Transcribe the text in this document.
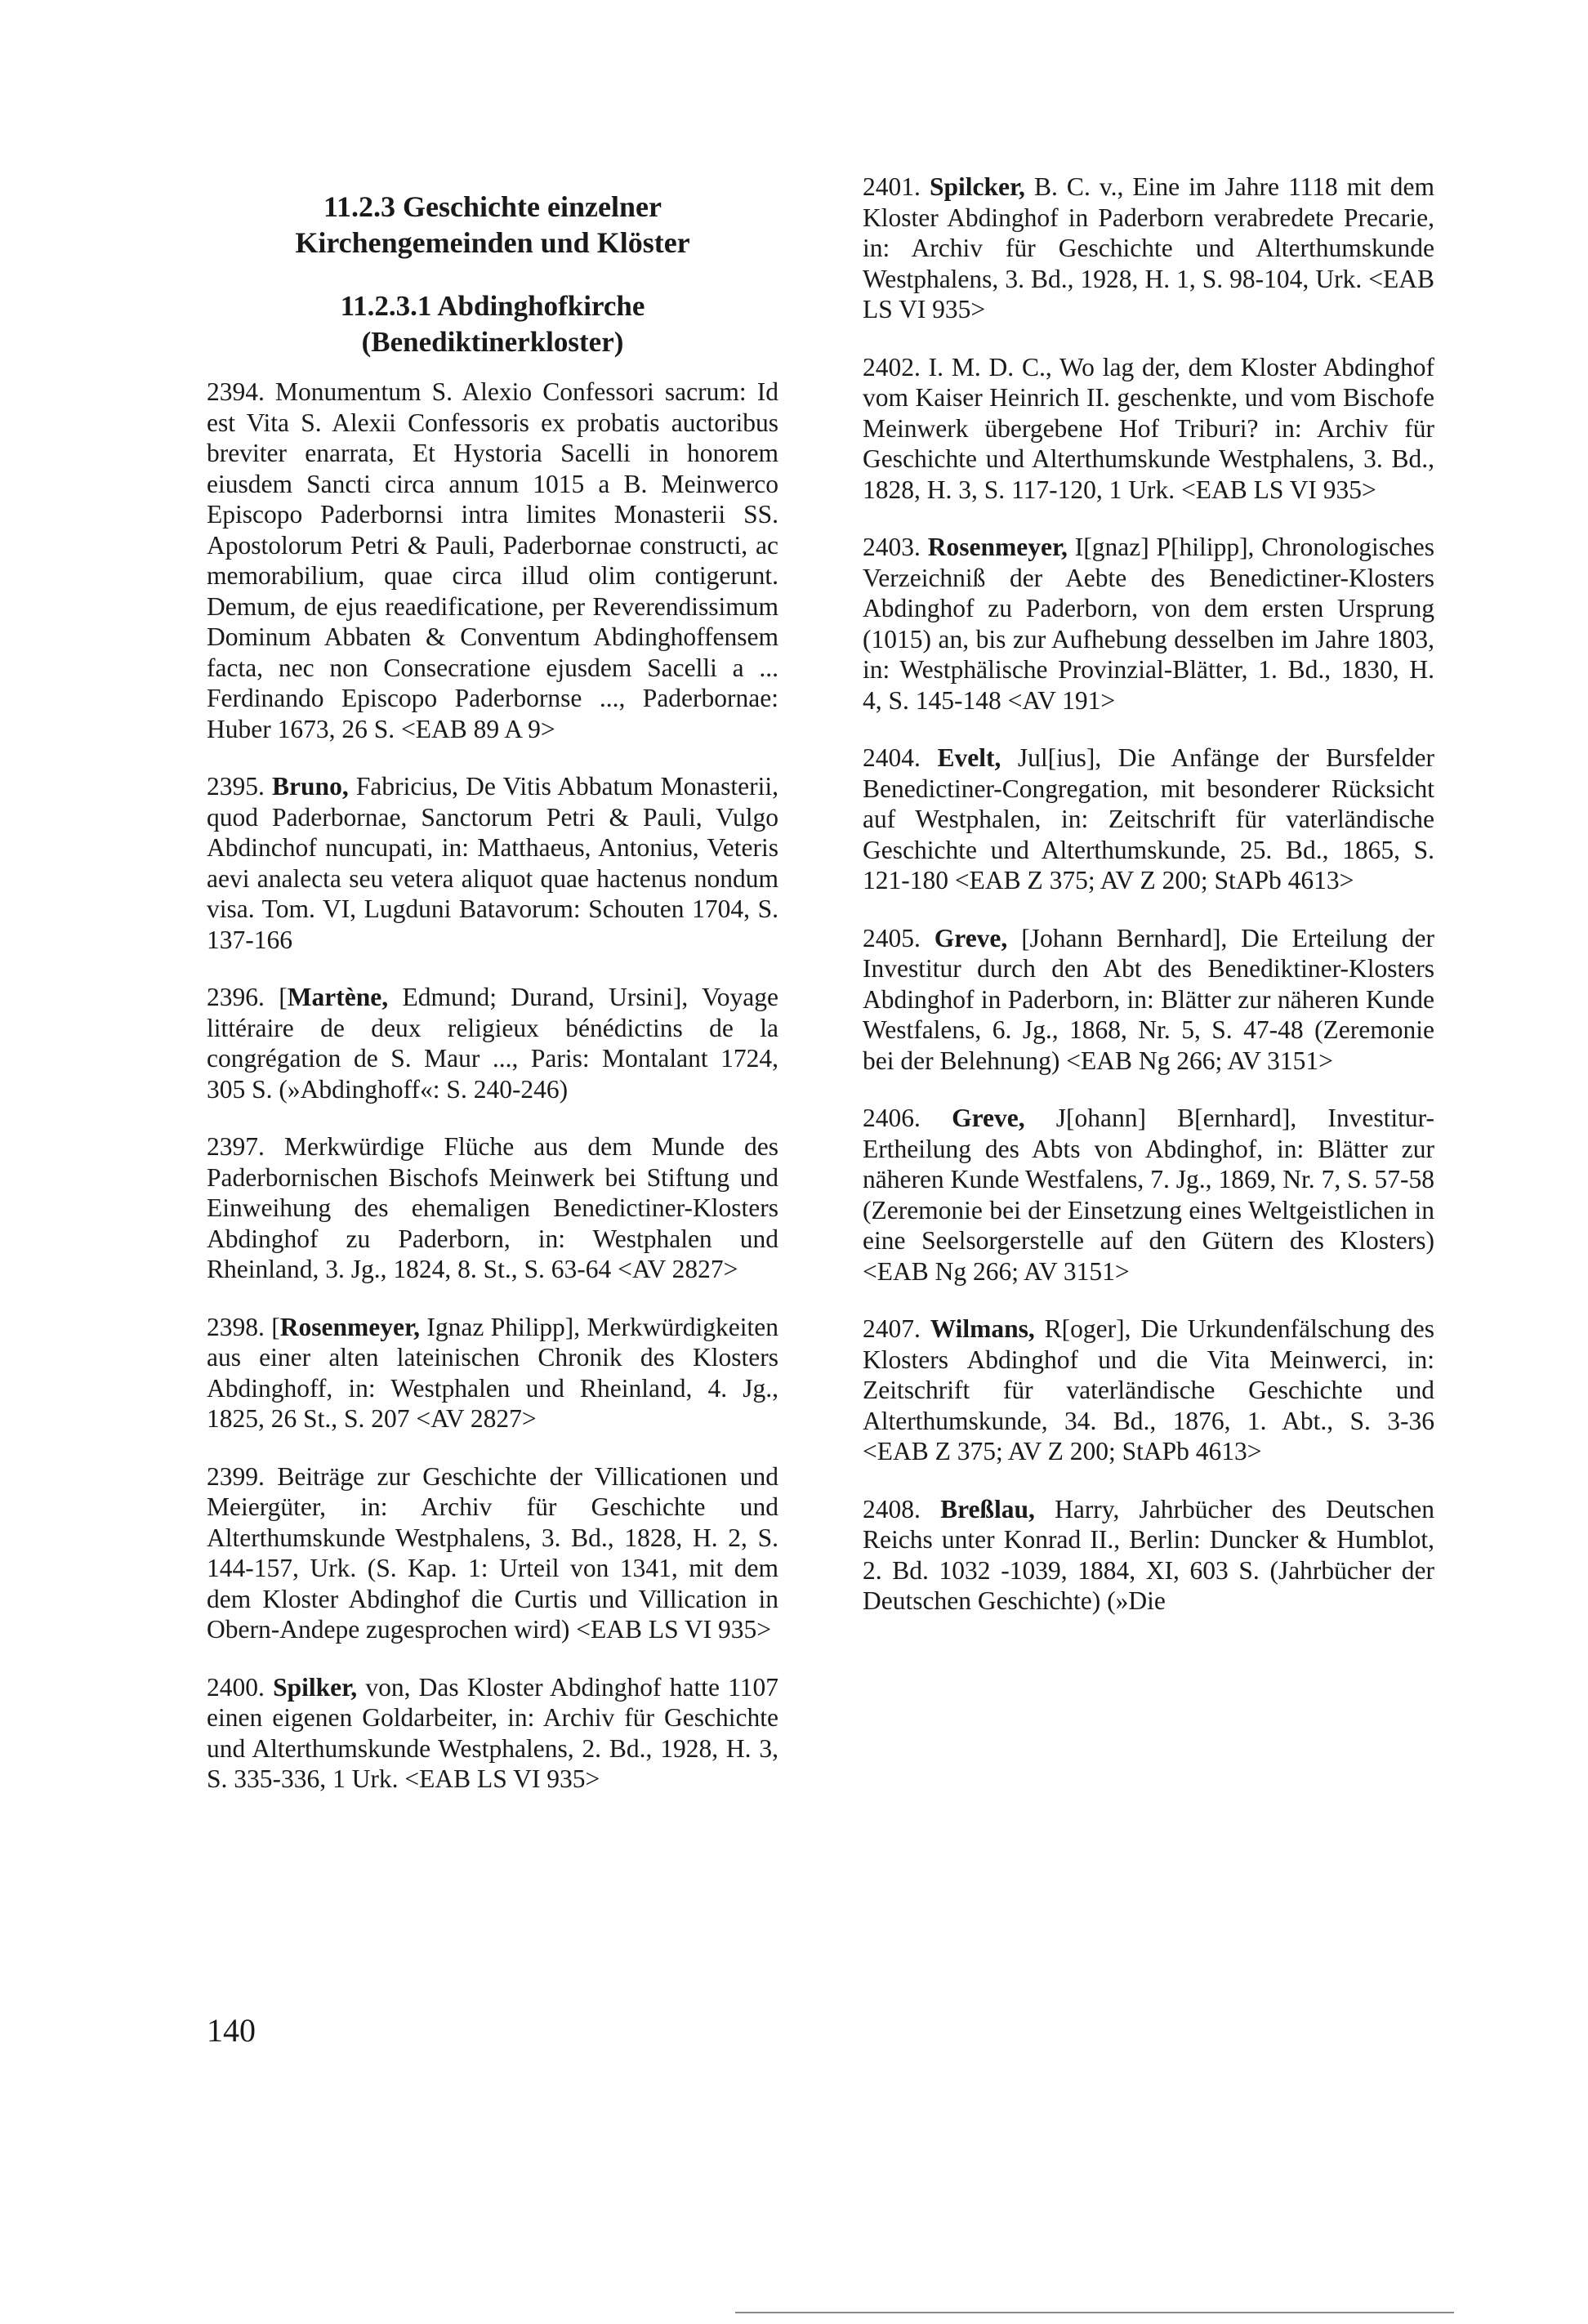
11.2.3 Geschichte einzelner
Kirchengemeinden und Klöster
11.2.3.1 Abdinghofkirche
(Benediktinerkloster)

2394. Monumentum S. Alexio Confessori sacrum: Id est Vita S. Alexii Confessoris ex probatis auctoribus breviter enarrata, Et Hystoria Sacelli in honorem eiusdem Sancti circa annum 1015 a B. Meinwerco Episcopo Paderbornsi intra limites Monasterii SS. Apostolorum Petri & Pauli, Paderbornae constructi, ac memorabilium, quae circa illud olim contigerunt. Demum, de ejus reaedificatione, per Reverendissimum Dominum Abbaten & Conventum Abdinghoffensem facta, nec non Consecratione ejusdem Sacelli a ... Ferdinando Episcopo Paderbornse ..., Paderbornae: Huber 1673, 26 S. <EAB 89 A 9>

2395. Bruno, Fabricius, De Vitis Abbatum Monasterii, quod Paderbornae, Sanctorum Petri & Pauli, Vulgo Abdinchof nuncupati, in: Matthaeus, Antonius, Veteris aevi analecta seu vetera aliquot quae hactenus nondum visa. Tom. VI, Lugduni Batavorum: Schouten 1704, S. 137-166

2396. [Martène, Edmund; Durand, Ursini], Voyage littéraire de deux religieux bénédictins de la congrégation de S. Maur ..., Paris: Montalant 1724, 305 S. (»Abdinghoff«: S. 240-246)

2397. Merkwürdige Flüche aus dem Munde des Paderbornischen Bischofs Meinwerk bei Stiftung und Einweihung des ehemaligen Benedictiner-Klosters Abdinghof zu Paderborn, in: Westphalen und Rheinland, 3. Jg., 1824, 8. St., S. 63-64 <AV 2827>

2398. [Rosenmeyer, Ignaz Philipp], Merkwürdigkeiten aus einer alten lateinischen Chronik des Klosters Abdinghoff, in: Westphalen und Rheinland, 4. Jg., 1825, 26 St., S. 207 <AV 2827>

2399. Beiträge zur Geschichte der Villicationen und Meiergüter, in: Archiv für Geschichte und Alterthumskunde Westphalens, 3. Bd., 1828, H. 2, S. 144-157, Urk. (S. Kap. 1: Urteil von 1341, mit dem dem Kloster Abdinghof die Curtis und Villication in Obern-Andepe zugesprochen wird) <EAB LS VI 935>

2400. Spilker, von, Das Kloster Abdinghof hatte 1107 einen eigenen Goldarbeiter, in: Archiv für Geschichte und Alterthumskunde Westphalens, 2. Bd., 1928, H. 3, S. 335-336, 1 Urk. <EAB LS VI 935>

2401. Spilcker, B. C. v., Eine im Jahre 1118 mit dem Kloster Abdinghof in Paderborn verabredete Precarie, in: Archiv für Geschichte und Alterthumskunde Westphalens, 3. Bd., 1928, H. 1, S. 98-104, Urk. <EAB LS VI 935>

2402. I. M. D. C., Wo lag der, dem Kloster Abdinghof vom Kaiser Heinrich II. geschenkte, und vom Bischofe Meinwerk übergebene Hof Triburi? in: Archiv für Geschichte und Alterthumskunde Westphalens, 3. Bd., 1828, H. 3, S. 117-120, 1 Urk. <EAB LS VI 935>

2403. Rosenmeyer, I[gnaz] P[hilipp], Chronologisches Verzeichniß der Aebte des Benedictiner-Klosters Abdinghof zu Paderborn, von dem ersten Ursprung (1015) an, bis zur Aufhebung desselben im Jahre 1803, in: Westphälische Provinzial-Blätter, 1. Bd., 1830, H. 4, S. 145-148 <AV 191>

2404. Evelt, Jul[ius], Die Anfänge der Bursfelder Benedictiner-Congregation, mit besonderer Rücksicht auf Westphalen, in: Zeitschrift für vaterländische Geschichte und Alterthumskunde, 25. Bd., 1865, S. 121-180 <EAB Z 375; AV Z 200; StAPb 4613>

2405. Greve, [Johann Bernhard], Die Erteilung der Investitur durch den Abt des Benediktiner-Klosters Abdinghof in Paderborn, in: Blätter zur näheren Kunde Westfalens, 6. Jg., 1868, Nr. 5, S. 47-48 (Zeremonie bei der Belehnung) <EAB Ng 266; AV 3151>

2406. Greve, J[ohann] B[ernhard], Investitur-Ertheilung des Abts von Abdinghof, in: Blätter zur näheren Kunde Westfalens, 7. Jg., 1869, Nr. 7, S. 57-58 (Zeremonie bei der Einsetzung eines Weltgeistlichen in eine Seelsorgerstelle auf den Gütern des Klosters) <EAB Ng 266; AV 3151>

2407. Wilmans, R[oger], Die Urkundenfälschung des Klosters Abdinghof und die Vita Meinwerci, in: Zeitschrift für vaterländische Geschichte und Alterthumskunde, 34. Bd., 1876, 1. Abt., S. 3-36 <EAB Z 375; AV Z 200; StAPb 4613>

2408. Breßlau, Harry, Jahrbücher des Deutschen Reichs unter Konrad II., Berlin: Duncker & Humblot, 2. Bd. 1032 -1039, 1884, XI, 603 S. (Jahrbücher der Deutschen Geschichte) (»Die

140
